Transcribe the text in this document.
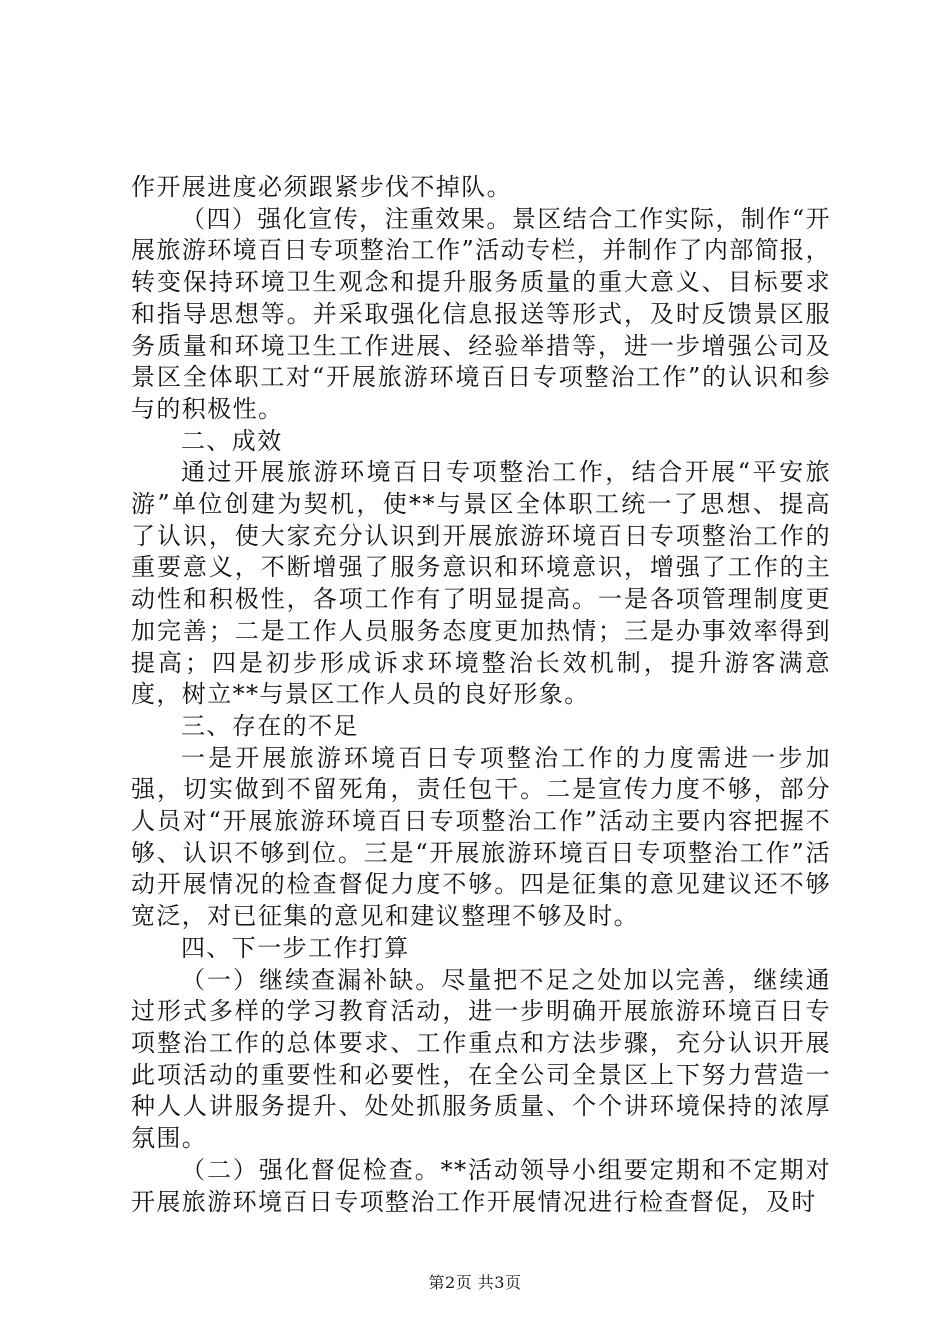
作开展进度必须跟紧步伐不掉队。

（四）强化宣传，注重效果。景区结合工作实际，制作“开展旅游环境百日专项整治工作”活动专栏，并制作了内部简报，转变保持环境卫生观念和提升服务质量的重大意义、目标要求和指导思想等。并采取强化信息报送等形式，及时反馈景区服务质量和环境卫生工作进展、经验举措等，进一步增强公司及景区全体职工对“开展旅游环境百日专项整治工作”的认识和参与的积极性。

二、成效

通过开展旅游环境百日专项整治工作，结合开展“平安旅游”单位创建为契机，使**与景区全体职工统一了思想、提高了认识，使大家充分认识到开展旅游环境百日专项整治工作的重要意义，不断增强了服务意识和环境意识，增强了工作的主动性和积极性，各项工作有了明显提高。一是各项管理制度更加完善；二是工作人员服务态度更加热情；三是办事效率得到提高；四是初步形成诉求环境整治长效机制，提升游客满意度，树立**与景区工作人员的良好形象。

三、存在的不足

一是开展旅游环境百日专项整治工作的力度需进一步加强，切实做到不留死角，责任包干。二是宣传力度不够，部分人员对“开展旅游环境百日专项整治工作”活动主要内容把握不够、认识不够到位。三是“开展旅游环境百日专项整治工作”活动开展情况的检查督促力度不够。四是征集的意见建议还不够宽泛，对已征集的意见和建议整理不够及时。

四、下一步工作打算

（一）继续查漏补缺。尽量把不足之处加以完善，继续通过形式多样的学习教育活动，进一步明确开展旅游环境百日专项整治工作的总体要求、工作重点和方法步骤，充分认识开展此项活动的重要性和必要性，在全公司全景区上下努力营造一种人人讲服务提升、处处抓服务质量、个个讲环境保持的浓厚氛围。

（二）强化督促检查。**活动领导小组要定期和不定期对开展旅游环境百日专项整治工作开展情况进行检查督促，及时

第2页 共3页
